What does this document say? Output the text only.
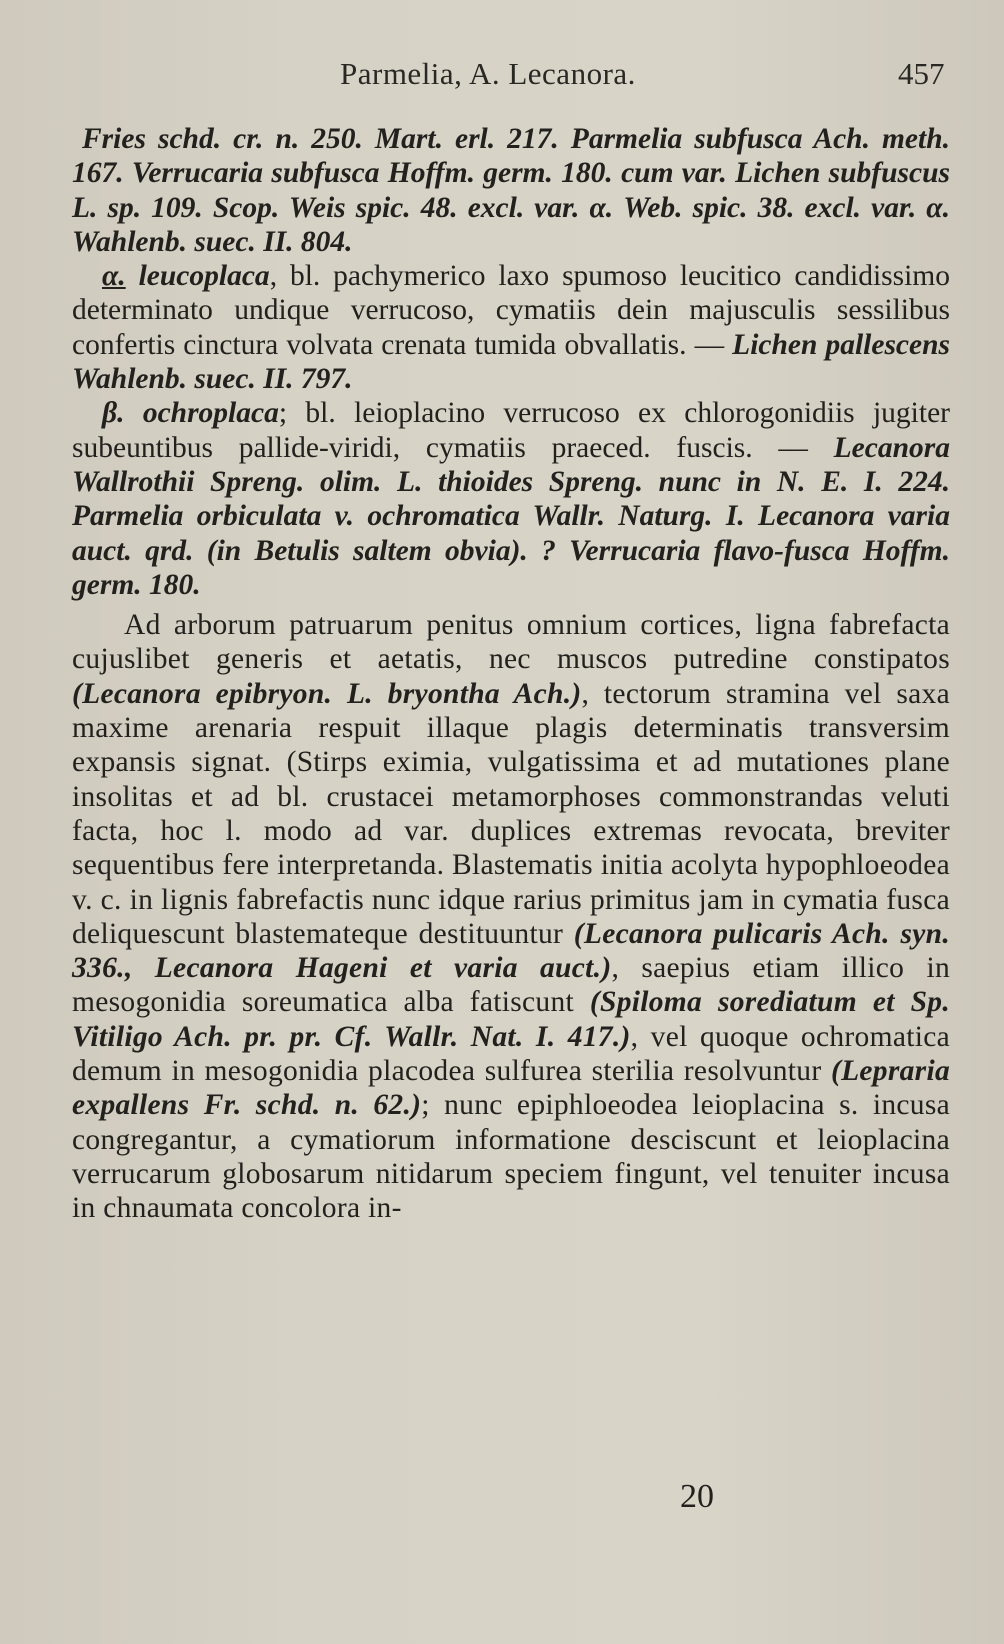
Parmelia, A. Lecanora.	457

Fries schd. cr. n. 250. Mart. erl. 217. Parmelia subfusca Ach. meth. 167. Verrucaria subfusca Hoffm. germ. 180. cum var. Lichen subfuscus L. sp. 109. Scop. Weis spic. 48. excl. var. α. Web. spic. 38. excl. var. α. Wahlenb. suec. II. 804.

α. leucoplaca, bl. pachymerico laxo spumoso leucitico candidissimo determinato undique verrucoso, cymatiis dein majusculis sessilibus confertis cinctura volvata crenata tumida obvallatis. — Lichen pallescens Wahlenb. suec. II. 797.

β. ochroplaca; bl. leioplacino verrucoso ex chlorogonidiis jugiter subeuntibus pallide-viridi, cymatiis praeced. fuscis. — Lecanora Wallrothii Spreng. olim. L. thioides Spreng. nunc in N. E. I. 224. Parmelia orbiculata v. ochromatica Wallr. Naturg. I. Lecanora varia auct. qrd. (in Betulis saltem obvia). ? Verrucaria flavo-fusca Hoffm. germ. 180.

Ad arborum patruarum penitus omnium cortices, ligna fabrefacta cujuslibet generis et aetatis, nec muscos putredine constipatos (Lecanora epibryon. L. bryontha Ach.), tectorum stramina vel saxa maxime arenaria respuit illaque plagis determinatis transversim expansis signat. (Stirps eximia, vulgatissima et ad mutationes plane insolitas et ad bl. crustacei metamorphoses commonstrandas veluti facta, hoc l. modo ad var. duplices extremas revocata, breviter sequentibus fere interpretanda. Blastematis initia acolyta hypophloeodea v. c. in lignis fabrefactis nunc idque rarius primitus jam in cymatia fusca deliquescunt blastemateque destituuntur (Lecanora pulicaris Ach. syn. 336., Lecanora Hageni et varia auct.), saepius etiam illico in mesogonidia soreumatica alba fatiscunt (Spiloma sorediatum et Sp. Vitiligo Ach. pr. pr. Cf. Wallr. Nat. I. 417.), vel quoque ochromatica demum in mesogonidia placodea sulfurea sterilia resolvuntur (Lepraria expallens Fr. schd. n. 62.); nunc epiphloeodea leioplacina s. incusa congregantur, a cymatiorum informatione desciscunt et leioplacina verrucarum globosarum nitidarum speciem fingunt, vel tenuiter incusa in chnaumata concolora in-

20
